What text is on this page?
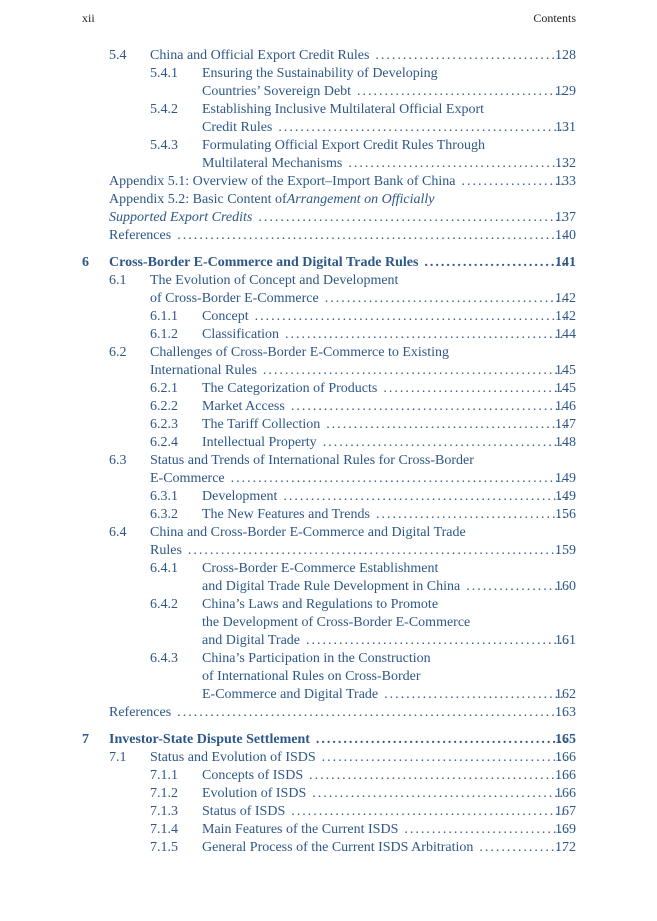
xii	Contents
5.4 China and Official Export Credit Rules . . .	128
5.4.1 Ensuring the Sustainability of Developing
Countries’ Sovereign Debt . . .	129
5.4.2 Establishing Inclusive Multilateral Official Export
Credit Rules . . .	131
5.4.3 Formulating Official Export Credit Rules Through
Multilateral Mechanisms . . .	132
Appendix 5.1: Overview of the Export–Import Bank of China . . .	133
Appendix 5.2: Basic Content of Arrangement on Officially
Supported Export Credits . . .	137
References . . .	140
6 Cross-Border E-Commerce and Digital Trade Rules . . .	141
6.1 The Evolution of Concept and Development
of Cross-Border E-Commerce . . .	142
6.1.1 Concept . . .	142
6.1.2 Classification . . .	144
6.2 Challenges of Cross-Border E-Commerce to Existing
International Rules . . .	145
6.2.1 The Categorization of Products . . .	145
6.2.2 Market Access . . .	146
6.2.3 The Tariff Collection . . .	147
6.2.4 Intellectual Property . . .	148
6.3 Status and Trends of International Rules for Cross-Border
E-Commerce . . .	149
6.3.1 Development . . .	149
6.3.2 The New Features and Trends . . .	156
6.4 China and Cross-Border E-Commerce and Digital Trade
Rules . . .	159
6.4.1 Cross-Border E-Commerce Establishment
and Digital Trade Rule Development in China . . .	160
6.4.2 China’s Laws and Regulations to Promote
the Development of Cross-Border E-Commerce
and Digital Trade . . .	161
6.4.3 China’s Participation in the Construction
of International Rules on Cross-Border
E-Commerce and Digital Trade . . .	162
References . . .	163
7 Investor-State Dispute Settlement . . .	165
7.1 Status and Evolution of ISDS . . .	166
7.1.1 Concepts of ISDS . . .	166
7.1.2 Evolution of ISDS . . .	166
7.1.3 Status of ISDS . . .	167
7.1.4 Main Features of the Current ISDS . . .	169
7.1.5 General Process of the Current ISDS Arbitration . . .	172
